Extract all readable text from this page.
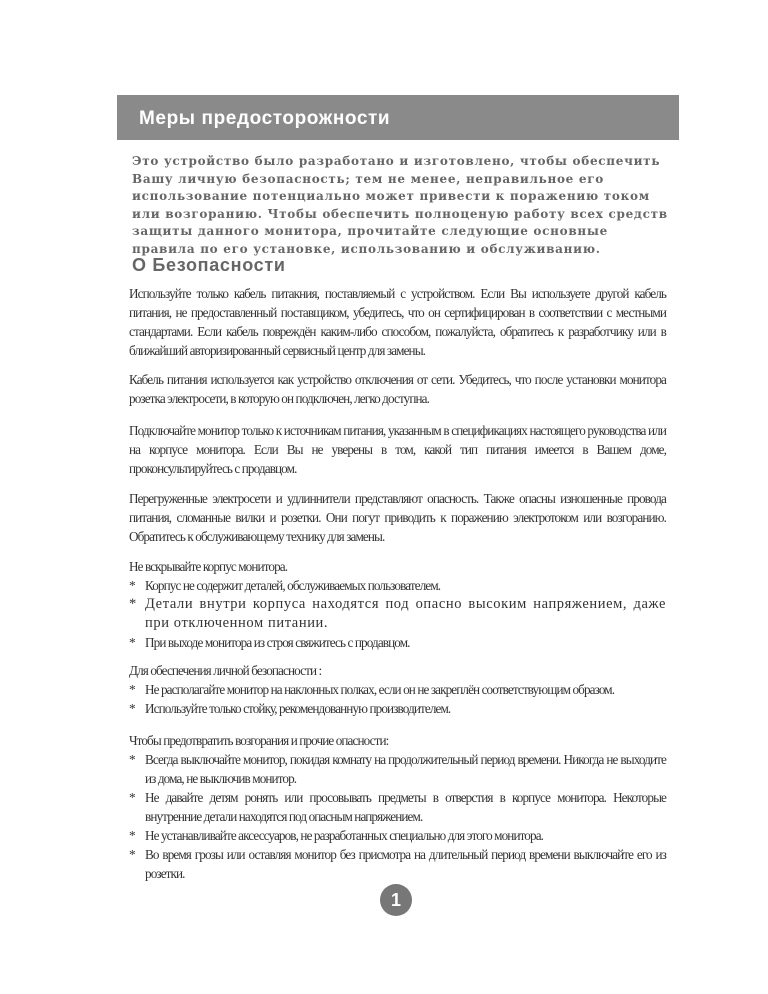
Меры предосторожности
Это устройство было разработано и изготовлено, чтобы обеспечить Вашу личную безопасность; тем не менее, неправильное его использование потенциально может привести к поражению током или возгоранию. Чтобы обеспечить полноценую работу всех средств защиты данного монитора, прочитайте следующие основные правила по его установке, использованию и обслуживанию.
О Безопасности
Используйте только кабель питакния, поставляемый с устройством. Если Вы используете другой кабель питания, не предоставленный поставщиком, убедитесь, что он сертифицирован в соответствии с местными стандартами. Если кабель повреждён каким-либо способом, пожалуйста, обратитесь к разработчику или в ближайший авторизированный сервисный центр для замены.
Кабель питания используется как устройство отключения от сети. Убедитесь, что после установки монитора розетка электросети, в которую он подключен, легко доступна.
Подключайте монитор только к источникам питания, указанным в спецификациях настоящего руководства или на корпусе монитора. Если Вы не уверены в том, какой тип питания имеется в Вашем доме, проконсультируйтесь с продавцом.
Перегруженные электросети и удлиннители представляют опасность. Также опасны изношенные провода питания, сломанные вилки и розетки. Они погут приводить к поражению электротоком или возгоранию. Обратитесь к обслуживающему технику для замены.

Не вскрывайте корпус монитора.

* Корпус не содержит деталей, обслуживаемых пользователем.

* Детали внутри корпуса находятся под опасно высоким напряжением, даже при отключенном питании.

* При выходе монитора из строя свяжитесь с продавцом.

Для обеспечения личной безопасности :

* Не располагайте монитор на наклонных полках, если он не закреплён соответствующим образом.

* Используйте только стойку, рекомендованную производителем.

Чтобы предотвратить возгорания и прочие опасности:

* Всегда выключайте монитор, покидая комнату на продолжительный период времени. Никогда не выходите из дома, не выключив монитор.

* Не давайте детям ронять или просовывать предметы в отверстия в корпусе монитора. Некоторые внутренние детали находятся под опасным напряжением.

* Не устанавливайте аксессуаров, не разработанных специально для этого монитора.

* Во время грозы или оставляя монитор без присмотра на длительный период времени выключайте его из розетки.

1
